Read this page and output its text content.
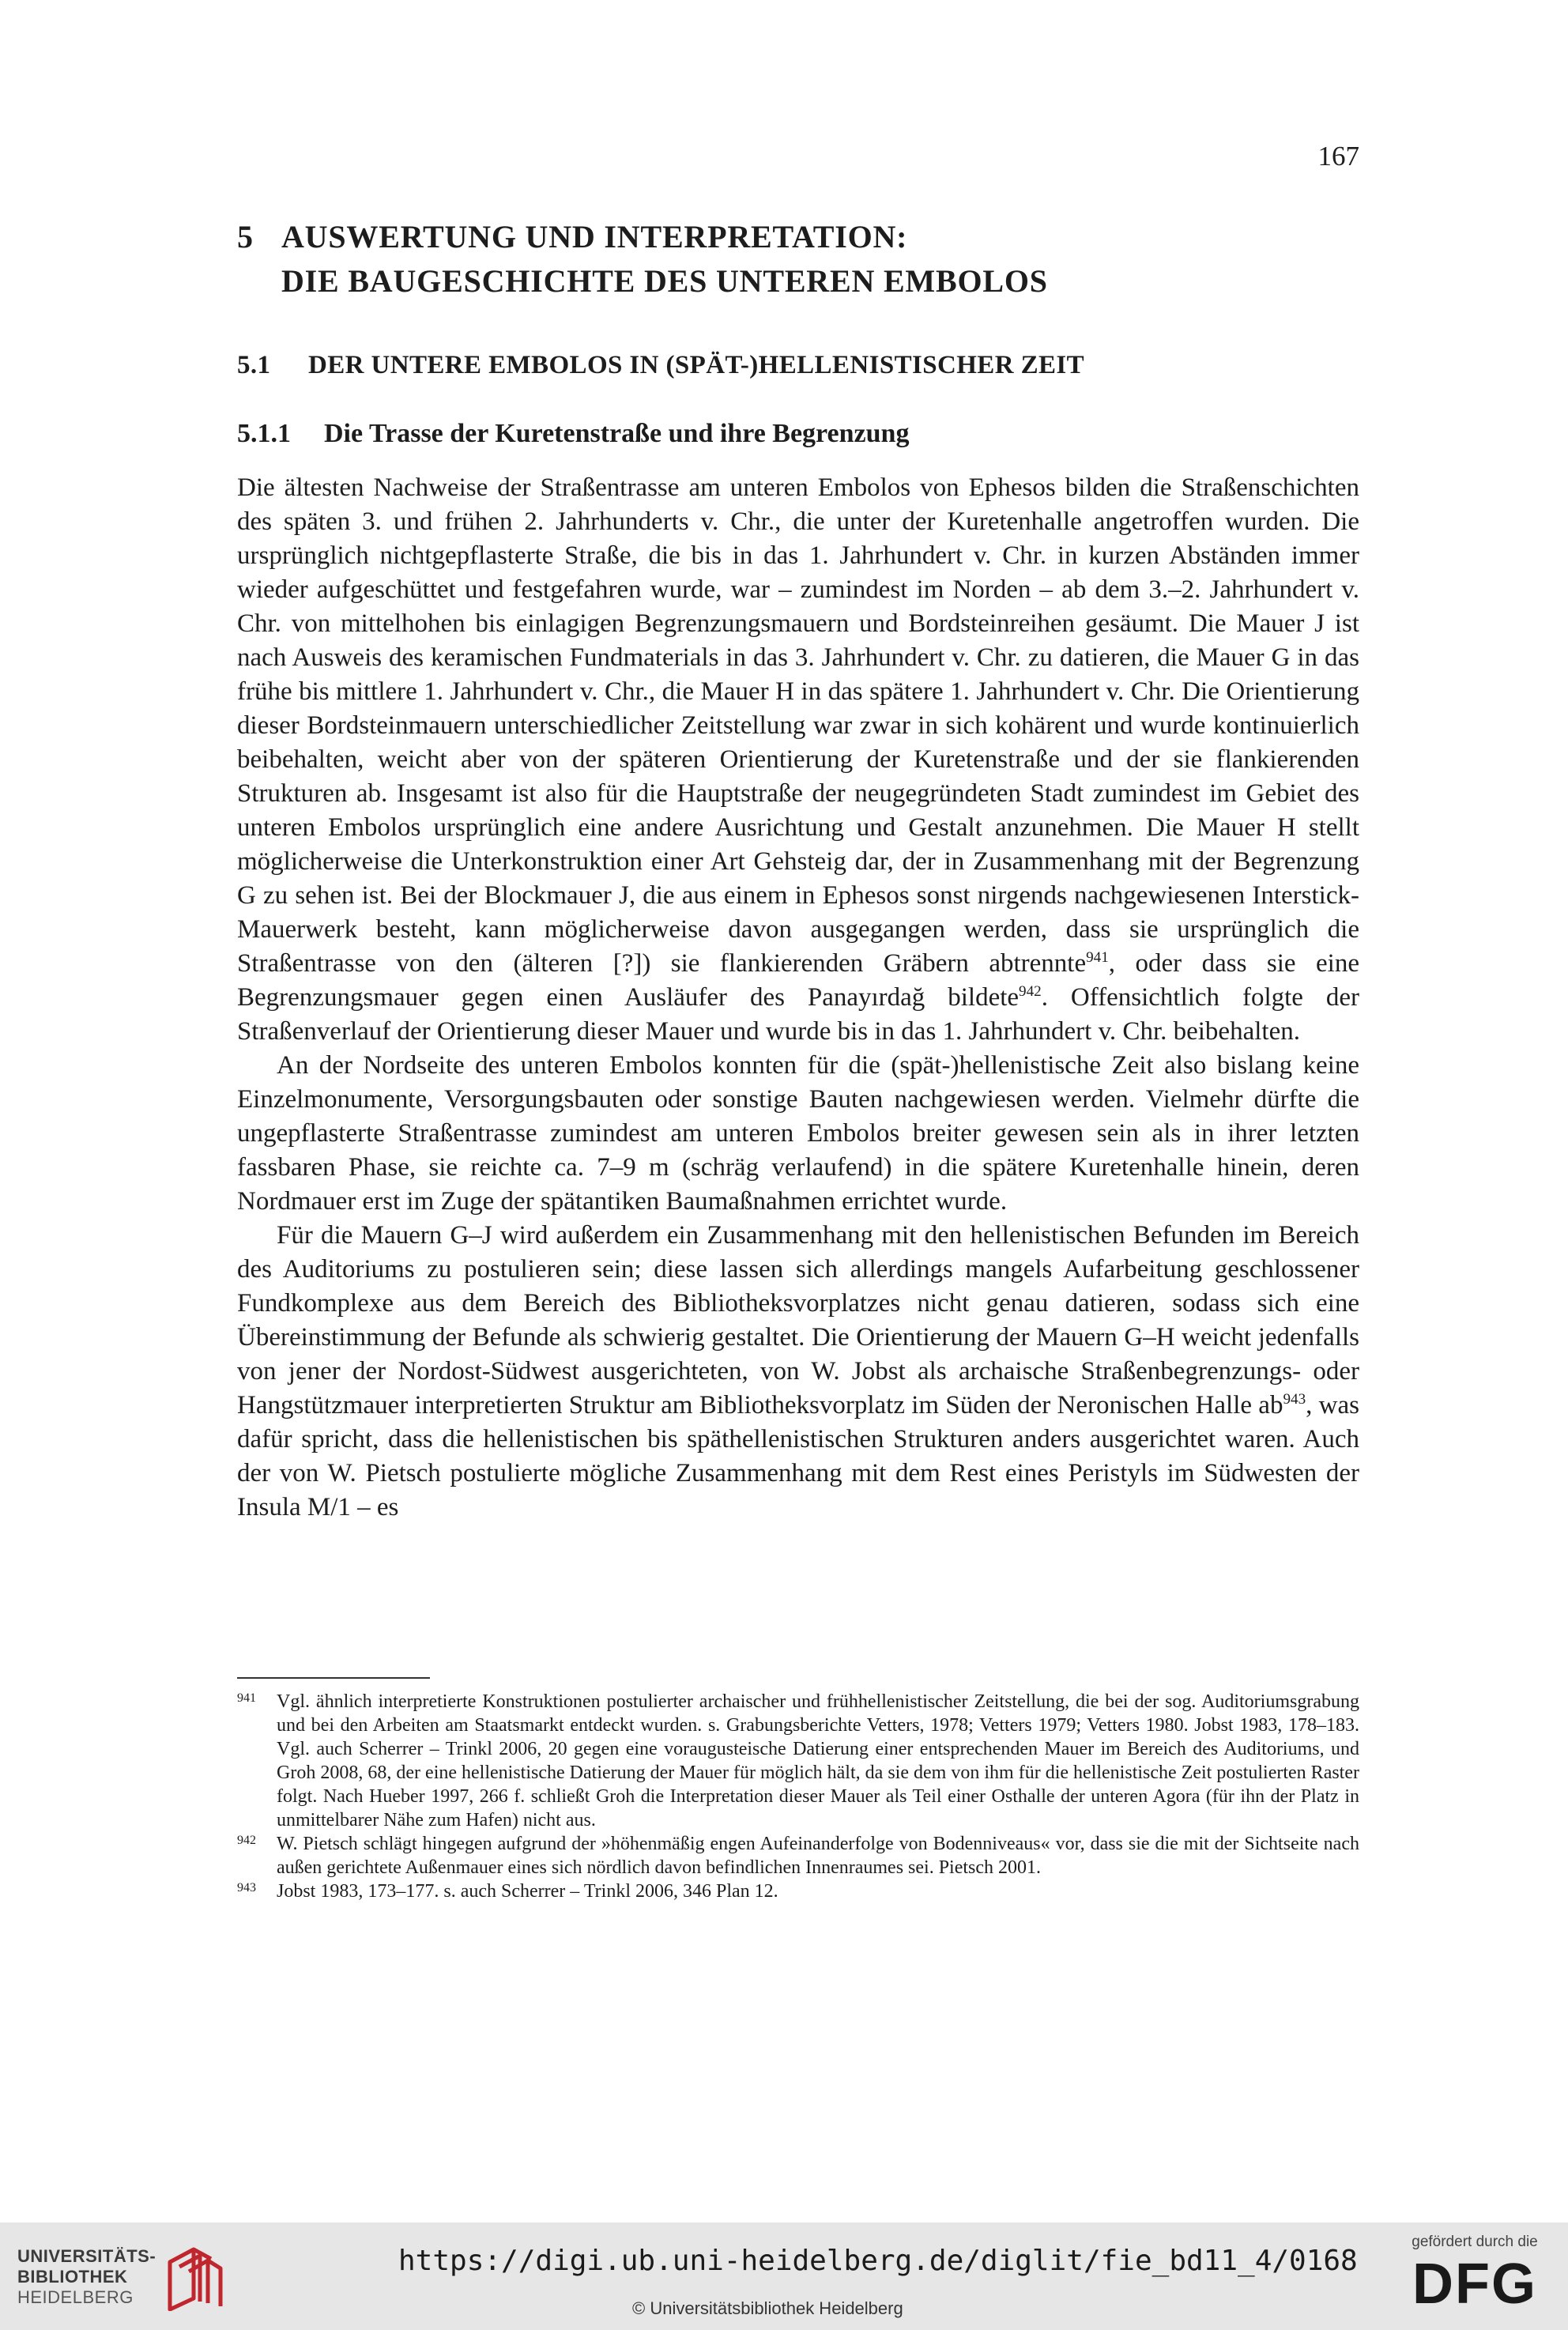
167
5 AUSWERTUNG UND INTERPRETATION:
DIE BAUGESCHICHTE DES UNTEREN EMBOLOS
5.1 DER UNTERE EMBOLOS IN (SPÄT-)HELLENISTISCHER ZEIT
5.1.1 Die Trasse der Kuretenstraße und ihre Begrenzung

Die ältesten Nachweise der Straßentrasse am unteren Embolos von Ephesos bilden die Straßenschichten des späten 3. und frühen 2. Jahrhunderts v. Chr., die unter der Kuretenhalle angetroffen wurden. Die ursprünglich nichtgepflasterte Straße, die bis in das 1. Jahrhundert v. Chr. in kurzen Abständen immer wieder aufgeschüttet und festgefahren wurde, war – zumindest im Norden – ab dem 3.–2. Jahrhundert v. Chr. von mittelhohen bis einlagigen Begrenzungsmauern und Bordsteinreihen gesäumt. Die Mauer J ist nach Ausweis des keramischen Fundmaterials in das 3. Jahrhundert v. Chr. zu datieren, die Mauer G in das frühe bis mittlere 1. Jahrhundert v. Chr., die Mauer H in das spätere 1. Jahrhundert v. Chr. Die Orientierung dieser Bordsteinmauern unterschiedlicher Zeitstellung war zwar in sich kohärent und wurde kontinuierlich beibehalten, weicht aber von der späteren Orientierung der Kuretenstraße und der sie flankierenden Strukturen ab. Insgesamt ist also für die Hauptstraße der neugegründeten Stadt zumindest im Gebiet des unteren Embolos ursprünglich eine andere Ausrichtung und Gestalt anzunehmen. Die Mauer H stellt möglicherweise die Unterkonstruktion einer Art Gehsteig dar, der in Zusammenhang mit der Begrenzung G zu sehen ist. Bei der Blockmauer J, die aus einem in Ephesos sonst nirgends nachgewiesenen Interstick-Mauerwerk besteht, kann möglicherweise davon ausgegangen werden, dass sie ursprünglich die Straßentrasse von den (älteren [?]) sie flankierenden Gräbern abtrennte$^{941}$, oder dass sie eine Begrenzungsmauer gegen einen Ausläufer des Panayırdağ bildete$^{942}$. Offensichtlich folgte der Straßenverlauf der Orientierung dieser Mauer und wurde bis in das 1. Jahrhundert v. Chr. beibehalten.

An der Nordseite des unteren Embolos konnten für die (spät-)hellenistische Zeit also bislang keine Einzelmonumente, Versorgungsbauten oder sonstige Bauten nachgewiesen werden. Vielmehr dürfte die ungepflasterte Straßentrasse zumindest am unteren Embolos breiter gewesen sein als in ihrer letzten fassbaren Phase, sie reichte ca. 7–9 m (schräg verlaufend) in die spätere Kuretenhalle hinein, deren Nordmauer erst im Zuge der spätantiken Baumaßnahmen errichtet wurde.

Für die Mauern G–J wird außerdem ein Zusammenhang mit den hellenistischen Befunden im Bereich des Auditoriums zu postulieren sein; diese lassen sich allerdings mangels Aufarbeitung geschlossener Fundkomplexe aus dem Bereich des Bibliotheksvorplatzes nicht genau datieren, sodass sich eine Übereinstimmung der Befunde als schwierig gestaltet. Die Orientierung der Mauern G–H weicht jedenfalls von jener der Nordost-Südwest ausgerichteten, von W. Jobst als archaische Straßenbegrenzungs- oder Hangstützmauer interpretierten Struktur am Bibliotheksvorplatz im Süden der Neronischen Halle $ab^{943}$, was dafür spricht, dass die hellenistischen bis späthellenistischen Strukturen anders ausgerichtet waren. Auch der von W. Pietsch postulierte mögliche Zusammenhang mit dem Rest eines Peristyls im Südwesten der Insula M/1 – es

941	Vgl. ähnlich interpretierte Konstruktionen postulierter archaischer und frühhellenistischer Zeitstellung, die bei der sog. Auditoriumsgrabung und bei den Arbeiten am Staatsmarkt entdeckt wurden. s. Grabungsberichte Vetters, 1978; Vetters 1979; Vetters 1980. Jobst 1983, 178–183. Vgl. auch Scherrer – Trinkl 2006, 20 gegen eine voraugusteische Datierung einer entsprechenden Mauer im Bereich des Auditoriums, und Groh 2008, 68, der eine hellenistische Datierung der Mauer für möglich hält, da sie dem von ihm für die hellenistische Zeit postulierten Raster folgt. Nach Hueber 1997, 266 f. schließt Groh die Interpretation dieser Mauer als Teil einer Osthalle der unteren Agora (für ihn der Platz in unmittelbarer Nähe zum Hafen) nicht aus.

942	W. Pietsch schlägt hingegen aufgrund der »höhenmäßig engen Aufeinanderfolge von Bodenniveaus« vor, dass sie die mit der Sichtseite nach außen gerichtete Außenmauer eines sich nördlich davon befindlichen Innenraumes sei. Pietsch 2001.

943	Jobst 1983, 173–177. s. auch Scherrer – Trinkl 2006, 346 Plan 12.

UNIVERSITÄTS-
BIBLIOTHEK
HEIDELBERG
https://digi.ub.uni-heidelberg.de/diglit/fie_bd11_4/0168
© Universitätsbibliothek Heidelberg
gefördert durch die
DFG
